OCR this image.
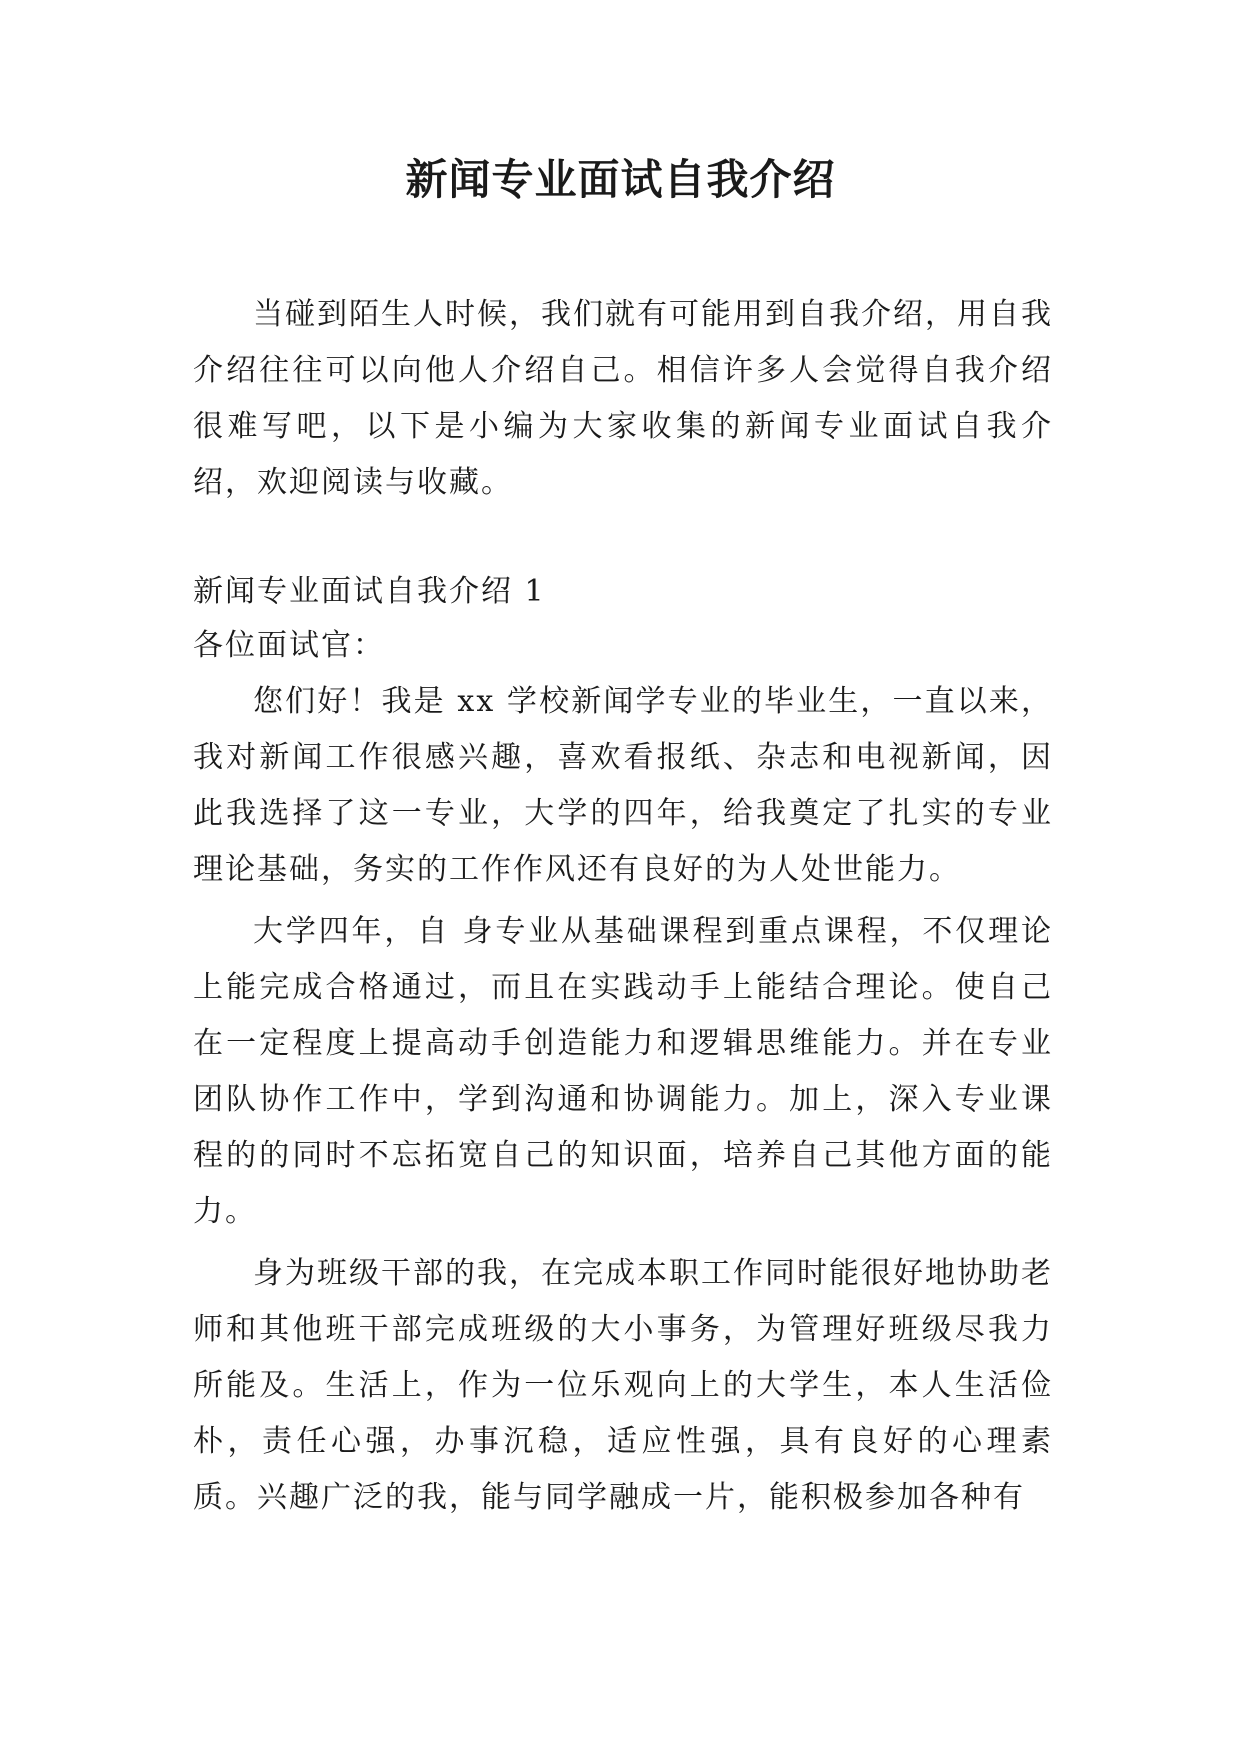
新闻专业面试自我介绍

当碰到陌生人时候，我们就有可能用到自我介绍，用自我介绍往往可以向他人介绍自己。相信许多人会觉得自我介绍很难写吧，以下是小编为大家收集的新闻专业面试自我介绍，欢迎阅读与收藏。

新闻专业面试自我介绍 1

各位面试官：

您们好！我是 xx 学校新闻学专业的毕业生，一直以来，我对新闻工作很感兴趣，喜欢看报纸、杂志和电视新闻，因此我选择了这一专业，大学的四年，给我奠定了扎实的专业理论基础，务实的工作作风还有良好的为人处世能力。

大学四年，自 身专业从基础课程到重点课程，不仅理论上能完成合格通过，而且在实践动手上能结合理论。使自己在一定程度上提高动手创造能力和逻辑思维能力。并在专业团队协作工作中，学到沟通和协调能力。加上，深入专业课程的的同时不忘拓宽自己的知识面，培养自己其他方面的能力。

身为班级干部的我，在完成本职工作同时能很好地协助老师和其他班干部完成班级的大小事务，为管理好班级尽我力所能及。生活上，作为一位乐观向上的大学生，本人生活俭朴，责任心强，办事沉稳，适应性强，具有良好的心理素质。兴趣广泛的我，能与同学融成一片，能积极参加各种有
